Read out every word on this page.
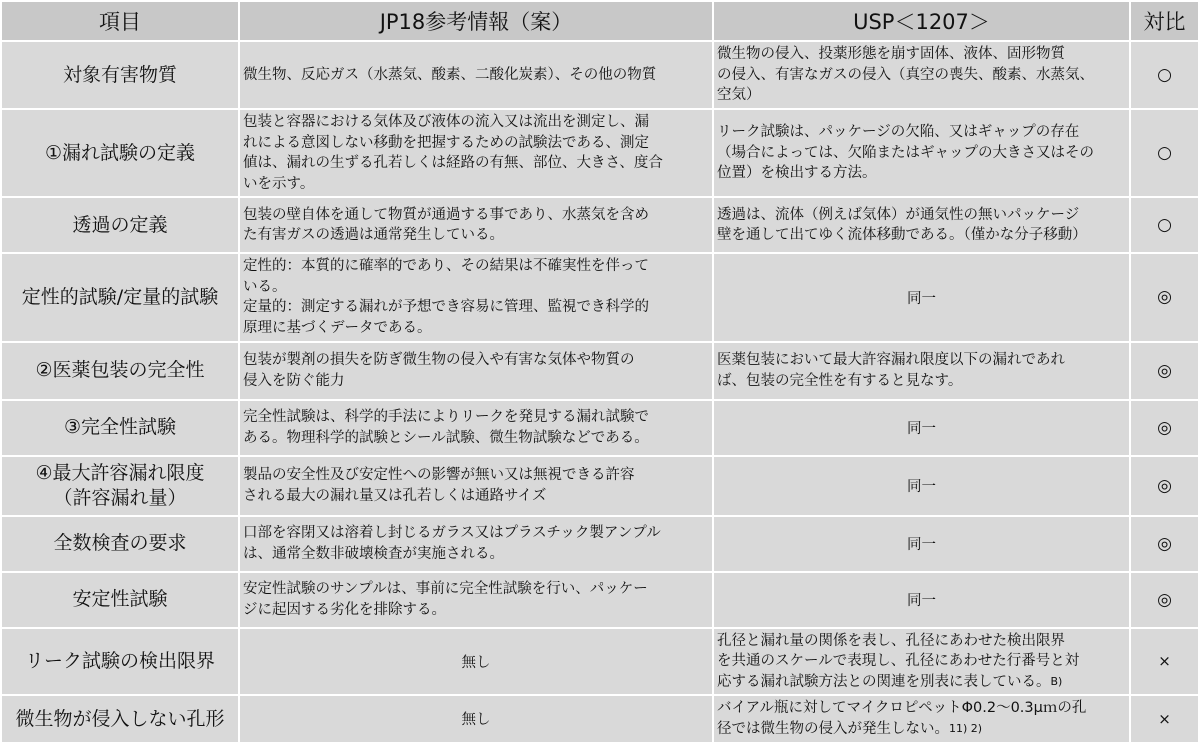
項目	JP18参考情報（案）	USP＜1207＞	対比

対象有害物質	微生物、反応ガス（水蒸気、酸素、二酸化炭素）、その他の物質	微生物の侵入、投薬形態を崩す固体、液体、固形物質
の侵入、有害なガスの侵入（真空の喪失、酸素、水蒸気、
空気）	○

①漏れ試験の定義	包装と容器における気体及び液体の流入又は流出を測定し、漏
れによる意図しない移動を把握するための試験法である、測定
値は、漏れの生ずる孔若しくは経路の有無、部位、大きさ、度合
いを示す。	リーク試験は、パッケージの欠陥、又はギャップの存在
（場合によっては、欠陥またはギャップの大きさ又はその
位置）を検出する方法。	○

透過の定義	包装の壁自体を通して物質が通過する事であり、水蒸気を含め
た有害ガスの透過は通常発生している。	透過は、流体（例えば気体）が通気性の無いパッケージ
壁を通して出てゆく流体移動である。（僅かな分子移動）	○

定性的試験/定量的試験	定性的：本質的に確率的であり、その結果は不確実性を伴って
いる。
定量的：測定する漏れが予想でき容易に管理、監視でき科学的
原理に基づくデータである。	同一	◎

②医薬包装の完全性	包装が製剤の損失を防ぎ微生物の侵入や有害な気体や物質の
侵入を防ぐ能力	医薬包装において最大許容漏れ限度以下の漏れであれ
ば、包装の完全性を有すると見なす。	◎

③完全性試験	完全性試験は、科学的手法によりリークを発見する漏れ試験で
ある。物理科学的試験とシール試験、微生物試験などである。	同一	◎

④最大許容漏れ限度
（許容漏れ量）	製品の安全性及び安定性への影響が無い又は無視できる許容
される最大の漏れ量又は孔若しくは通路サイズ	同一	◎

全数検査の要求	口部を容閉又は溶着し封じるガラス又はプラスチック製アンプル
は、通常全数非破壊検査が実施される。	同一	◎

安定性試験	安定性試験のサンプルは、事前に完全性試験を行い、パッケー
ジに起因する劣化を排除する。	同一	◎

リーク試験の検出限界	無し	孔径と漏れ量の関係を表し、孔径にあわせた検出限界
を共通のスケールで表現し、孔径にあわせた行番号と対
応する漏れ試験方法との関連を別表に表している。$^{B)}$	×

微生物が侵入しない孔形	無し	バイアル瓶に対してマイクロピペットΦ0.2～0.3μｍの孔
径では微生物の侵入が発生しない。$^{11) 2)}$	×
